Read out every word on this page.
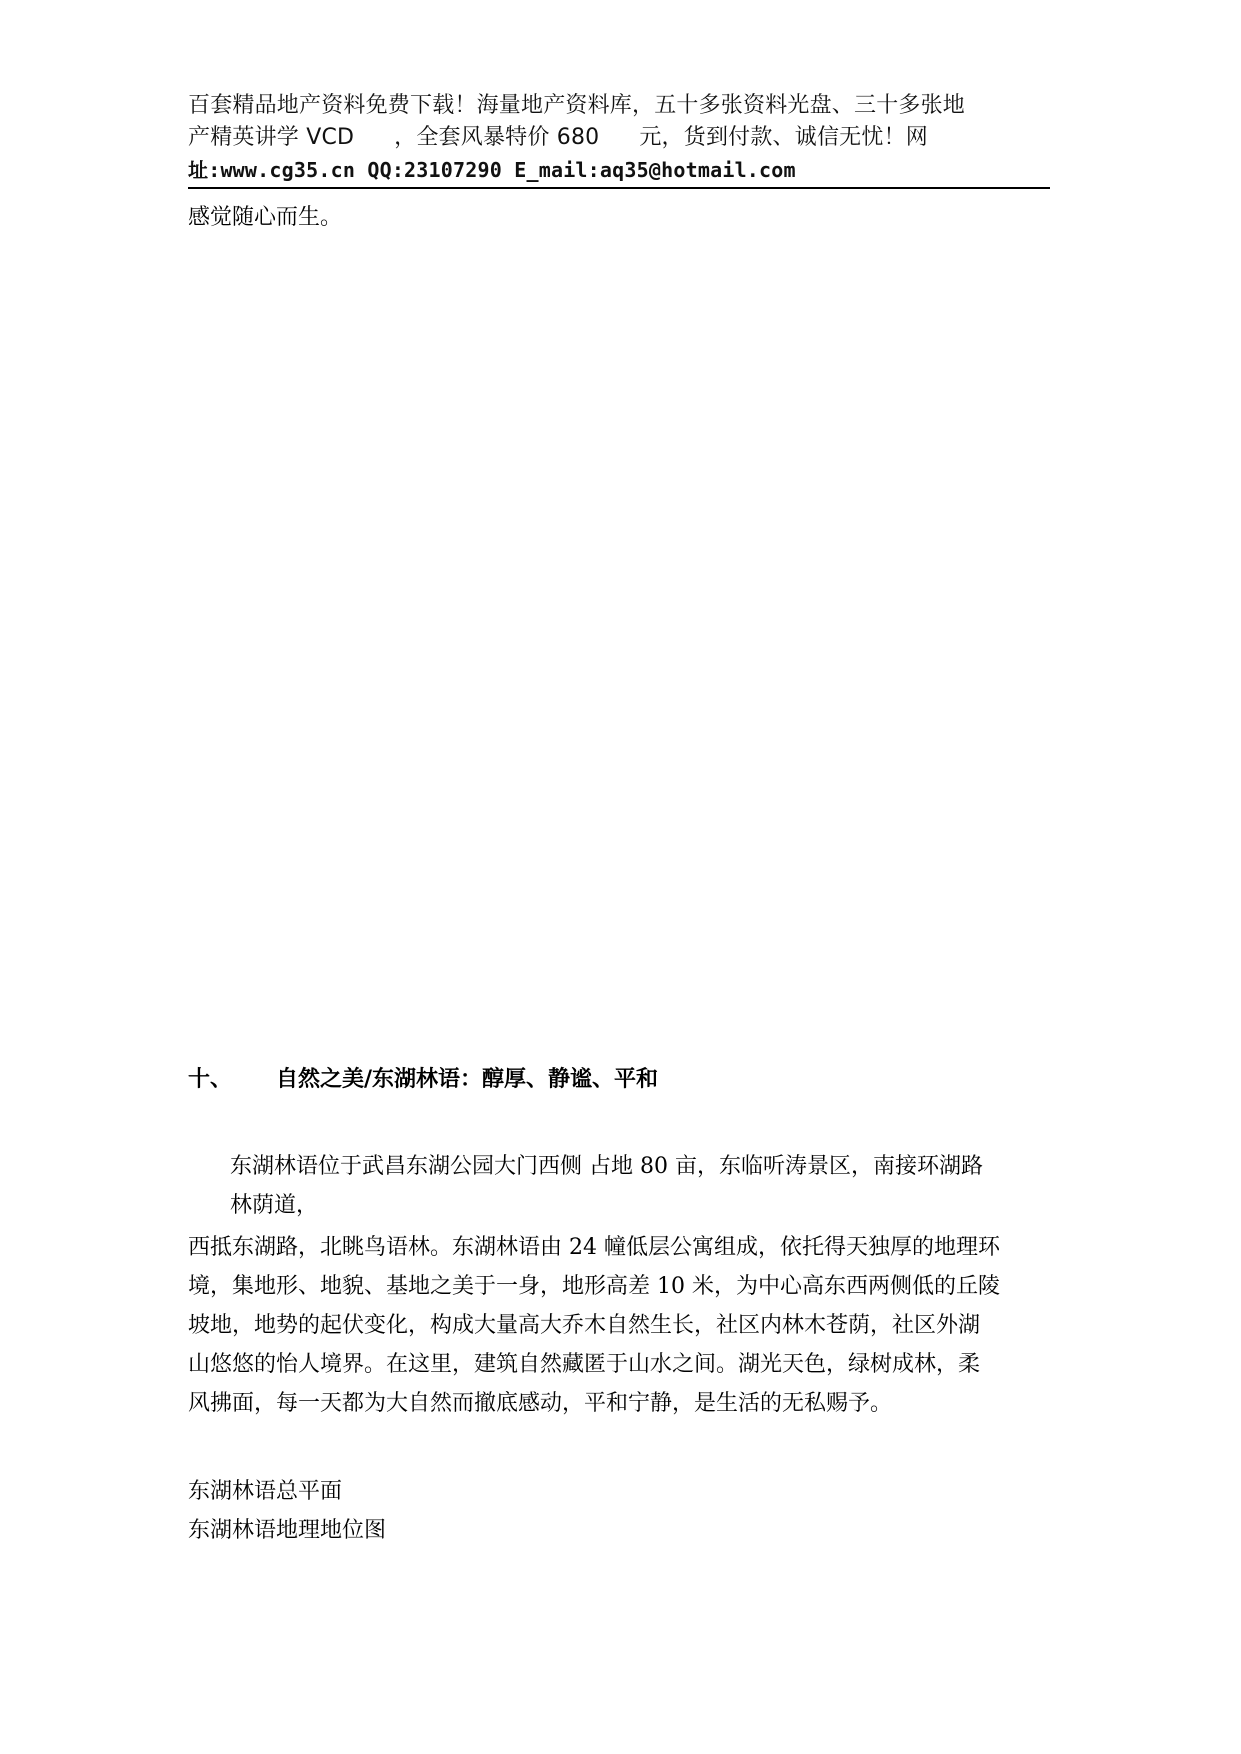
百套精品地产资料免费下载！海量地产资料库，五十多张资料光盘、三十多张地
产精英讲学 VCD ，全套风暴特价 680 元，货到付款、诚信无忧！网
址:www.cg35.cn QQ:23107290 E_mail:aq35@hotmail.com
感觉随心而生。
十、 自然之美/东湖林语：醇厚、静谧、平和
东湖林语位于武昌东湖公园大门西侧 占地 80 亩，东临听涛景区，南接环湖路
林荫道，
西抵东湖路，北眺鸟语林。东湖林语由 24 幢低层公寓组成，依托得天独厚的地理环
境，集地形、地貌、基地之美于一身，地形高差 10 米，为中心高东西两侧低的丘陵
坡地，地势的起伏变化，构成大量高大乔木自然生长，社区内林木苍荫，社区外湖
山悠悠的怡人境界。在这里，建筑自然藏匿于山水之间。湖光天色，绿树成林，柔
风拂面，每一天都为大自然而撤底感动，平和宁静，是生活的无私赐予。
东湖林语总平面
东湖林语地理地位图
